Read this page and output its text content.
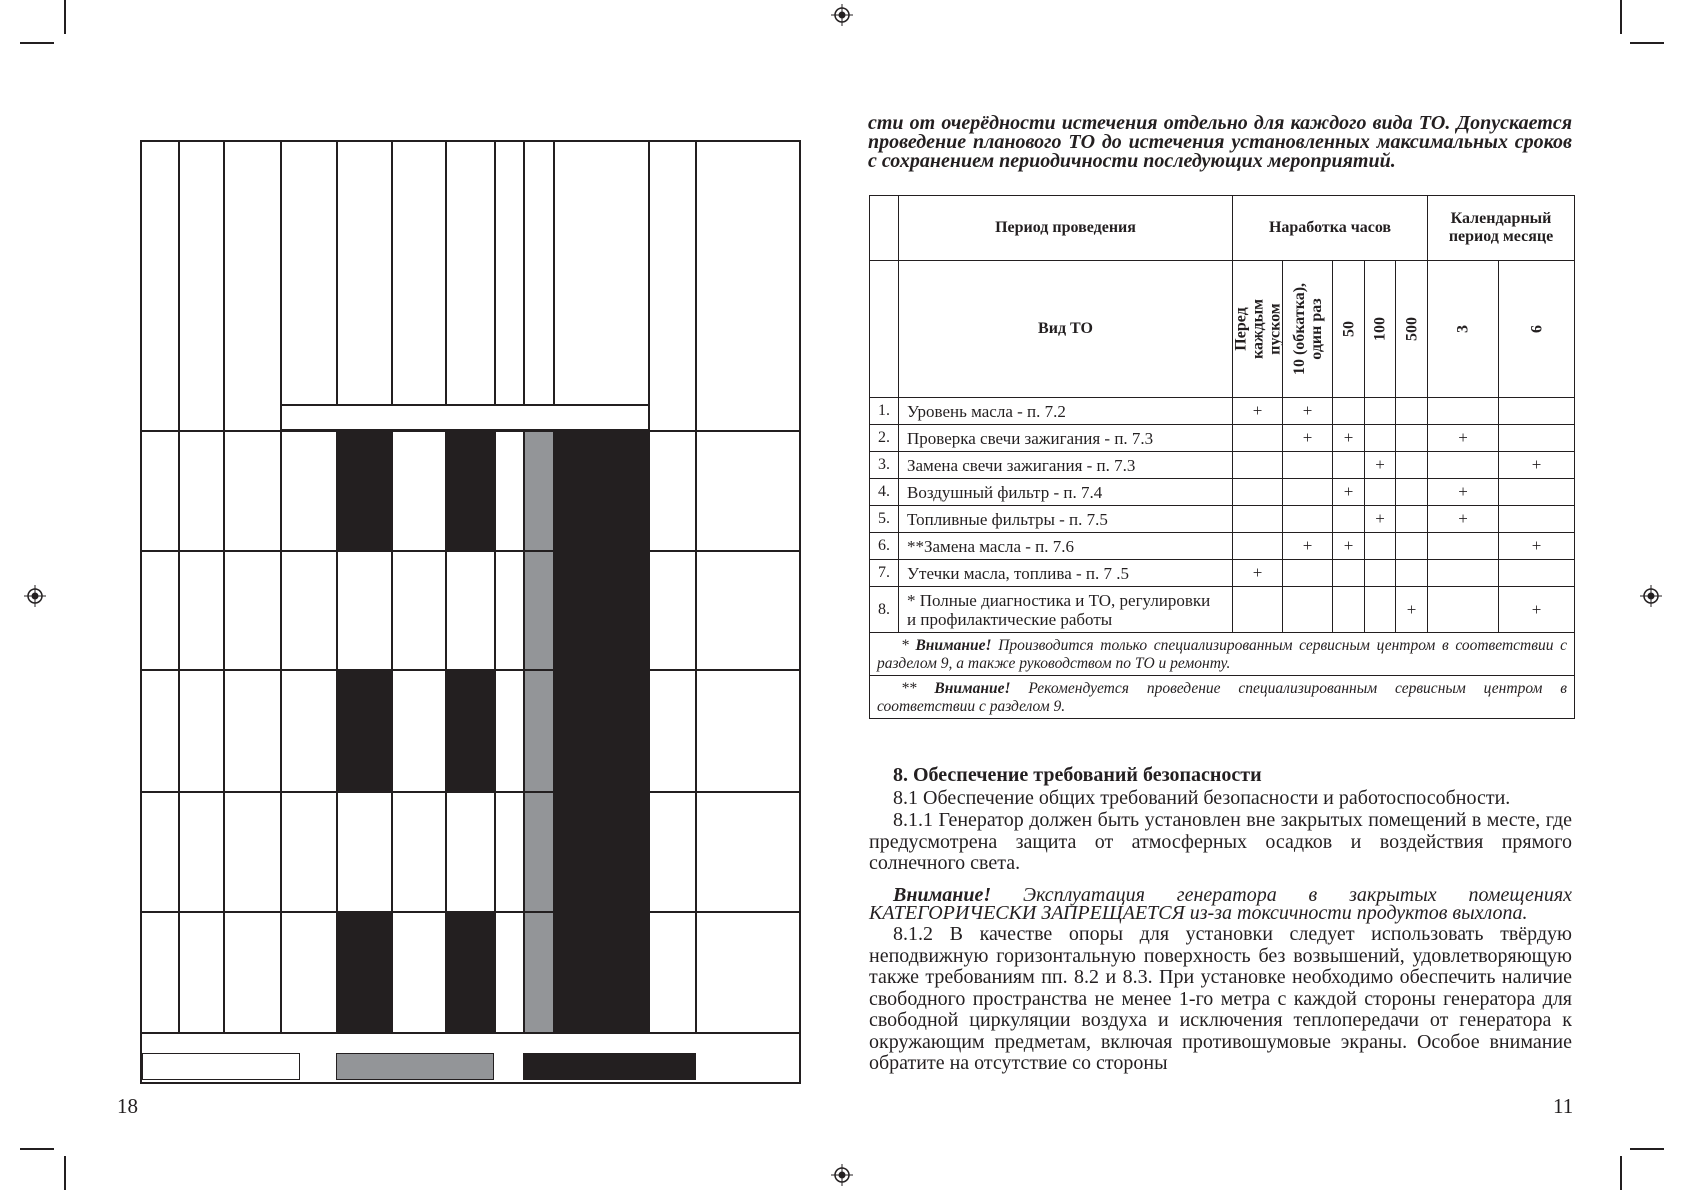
18
сти от очерёдности истечения отдельно для каждого вида ТО. Допускается проведение планового ТО до истечения установленных максимальных сроков с сохранением периодичности последующих мероприятий.
	Период проведения	Наработка часов					Календарный период месяце	
	Вид ТО	Перед каждым пуском	10 (обкатка), один раз	50	100	500	3	6

1.	Уровень масла - п. 7.2	+	+					
2.	Проверка свечи зажигания - п. 7.3		+	+			+	
3.	Замена свечи зажигания - п. 7.3				+			+
4.	Воздушный фильтр - п. 7.4			+			+	
5.	Топливные фильтры - п. 7.5				+		+	
6.	**Замена масла - п. 7.6		+	+				+
7.	Утечки масла, топлива - п. 7 .5	+						
8.	* Полные диагностика и ТО, регулировки и профилактические работы					+		+
* Внимание! Производится только специализированным сервисным центром в соответствии с разделом 9, а также руководством по ТО и ремонту.								
** Внимание! Рекомендуется проведение специализированным сервисным центром в соответствии с разделом 9.								
8. Обеспечение требований безопасности

8.1 Обеспечение общих требований безопасности и работоспособности.

8.1.1 Генератор должен быть установлен вне закрытых помещений в месте, где предусмотрена защита от атмосферных осадков и воздействия прямого солнечного света.

Внимание! Эксплуатация генератора в закрытых помещениях КАТЕГОРИЧЕСКИ ЗАПРЕЩАЕТСЯ из-за токсичности продуктов выхлопа.

8.1.2 В качестве опоры для установки следует использовать твёрдую неподвижную горизонтальную поверхность без возвышений, удовлетворяющую также требованиям пп. 8.2 и 8.3. При установке необходимо обеспечить наличие свободного пространства не менее 1-го метра с каждой стороны генератора для свободной циркуляции воздуха и исключения теплопередачи от генератора к окружающим предметам, включая противошумовые экраны. Особое внимание обратите на отсутствие со стороны

11
